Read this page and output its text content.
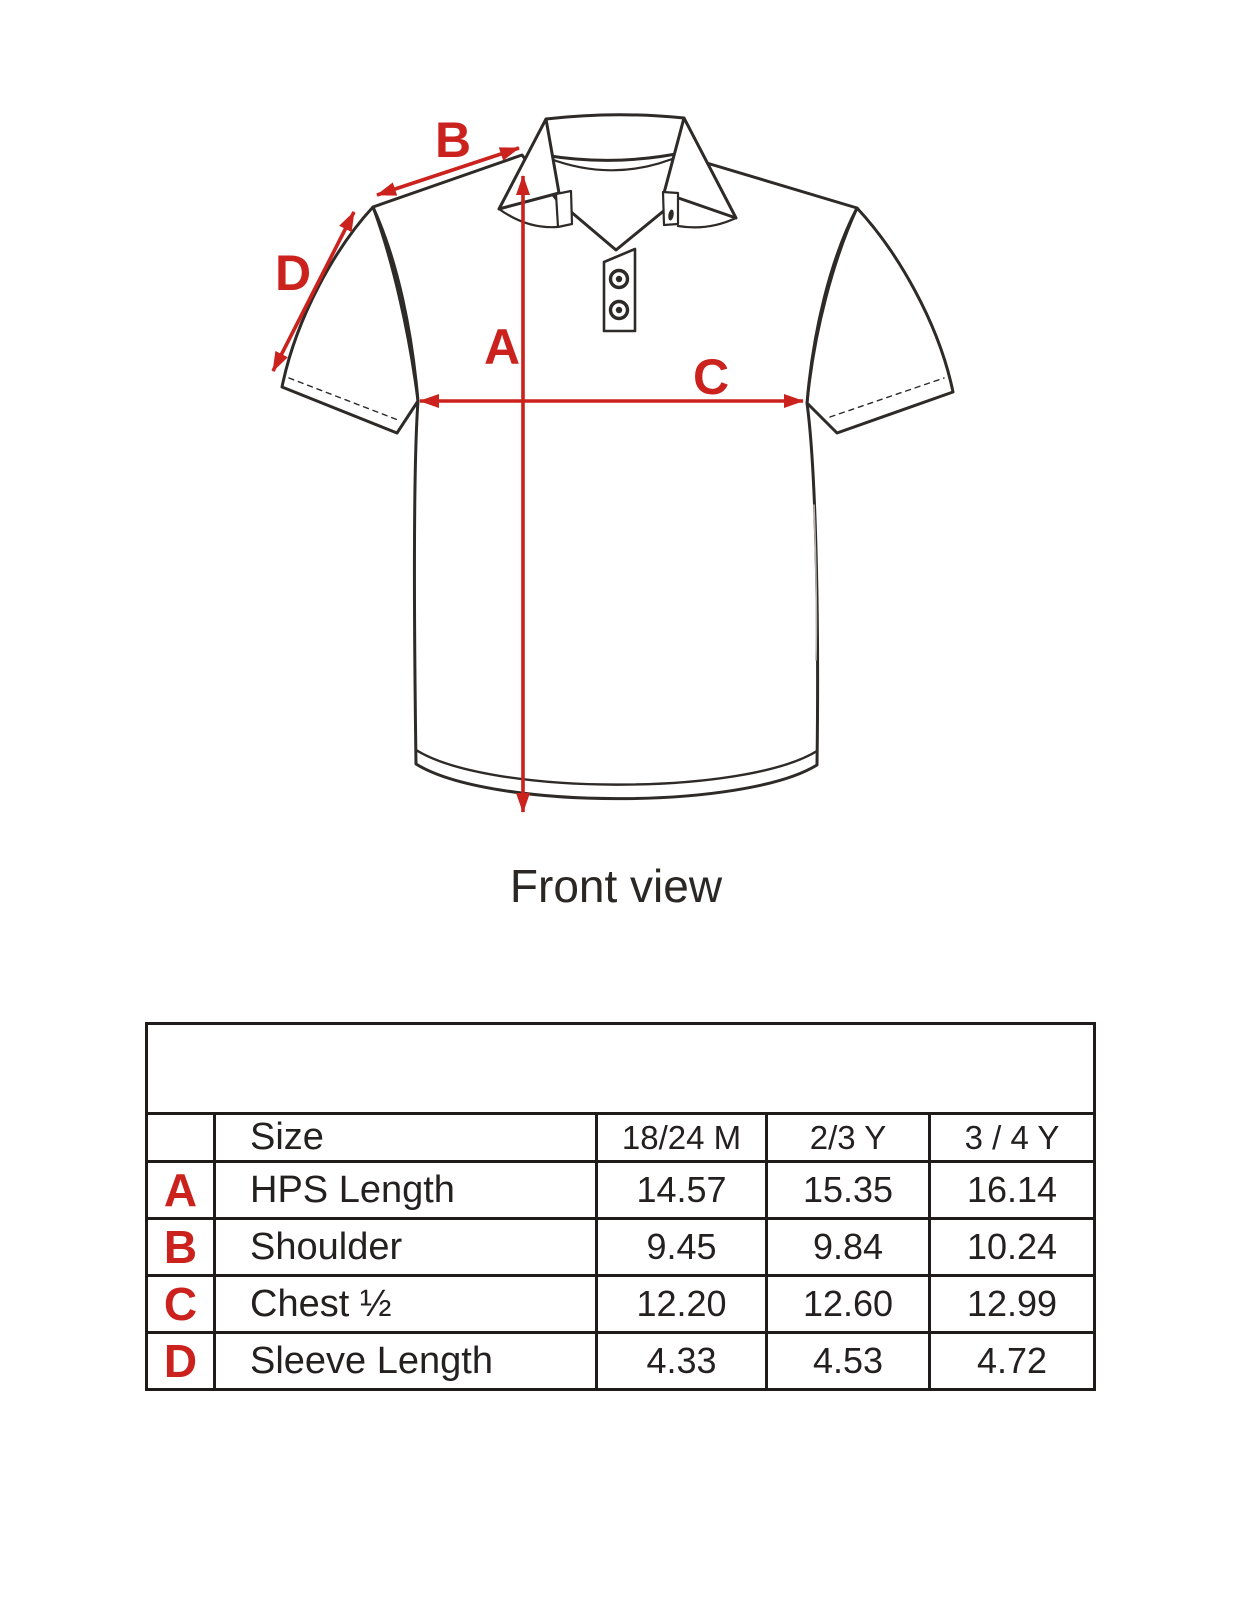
A
B
C
D
Front view
Specs for Polo Shirt for Kids (Inches)				
	Size	18/24 M	2/3 Y	3 / 4 Y
A	HPS Length	14.57	15.35	16.14
B	Shoulder	9.45	9.84	10.24
C	Chest ½	12.20	12.60	12.99
D	Sleeve Length	4.33	4.53	4.72
